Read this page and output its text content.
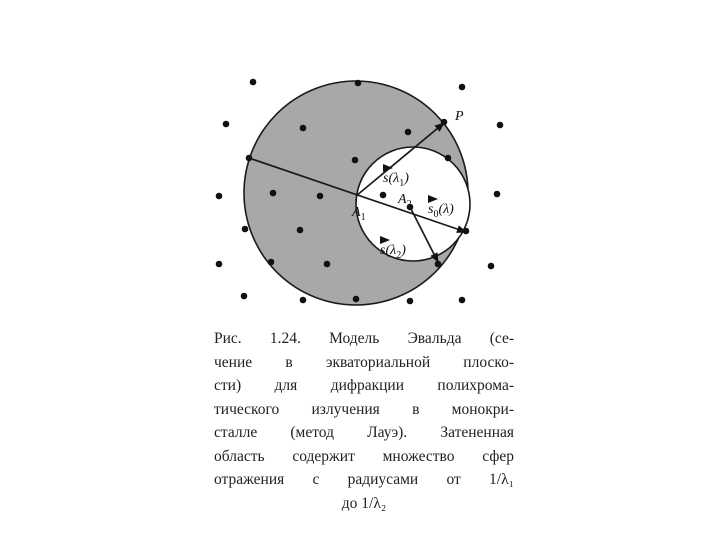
P
$s(\lambda_1)$
$A_2$
$A_1$
$s_0(\lambda)$
$s(\lambda_2)$
Рис. 1.24. Модель Эвальда (се-
чение в экваториальной плоско-
сти) для дифракции полихрома-
тического излучения в монокри-
сталле (метод Лауэ). Затененная
область содержит множество сфер
отражения с радиусами от 1/λ₁
до 1/λ₂
